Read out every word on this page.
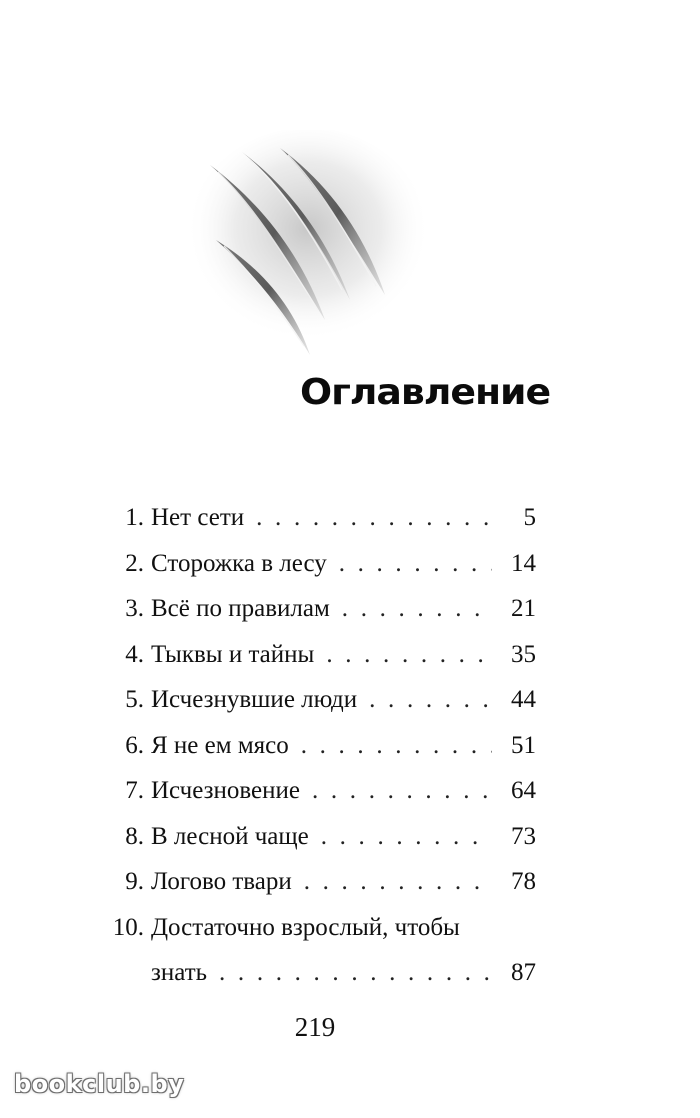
Оглавление
1. Нет сети . . .	5
2. Сторожка в лесу . . .	14
3. Всё по правилам . . .	21
4. Тыквы и тайны . . .	35
5. Исчезнувшие люди . . .	44
6. Я не ем мясо . . .	51
7. Исчезновение . . .	64
8. В лесной чаще . . .	73
9. Логово твари . . .	78
10. Достаточно взрослый, чтобы
знать . . .	87
219
bookclub.by
